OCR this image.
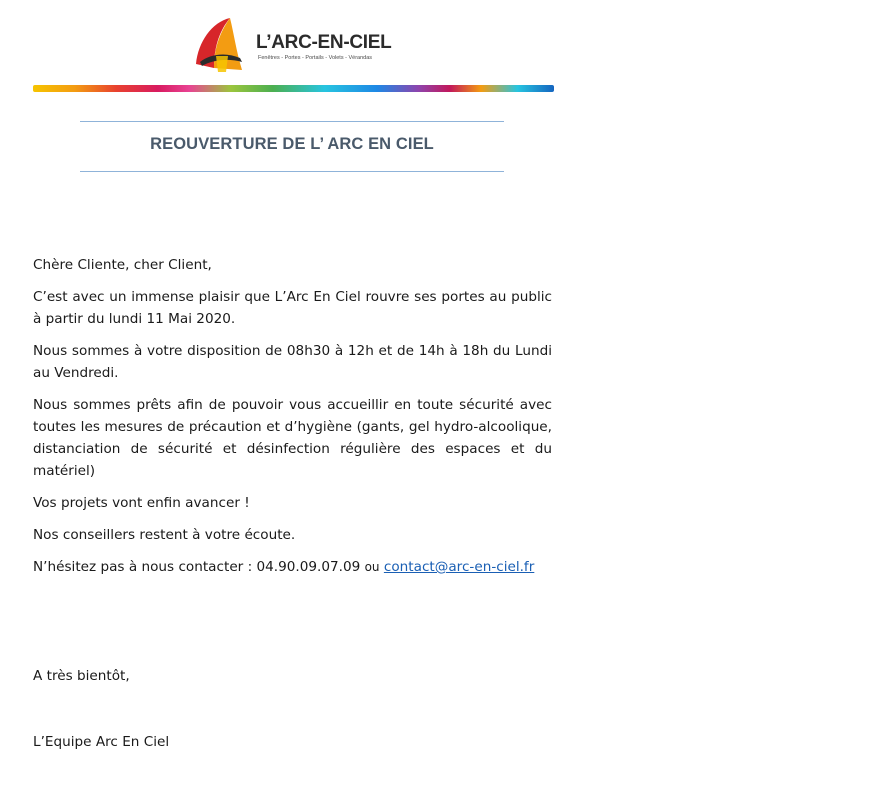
L’ARC-EN-CIEL
Fenêtres - Portes - Portails - Volets - Vérandas
REOUVERTURE DE L’ ARC EN CIEL

Chère Cliente, cher Client,

C’est avec un immense plaisir que L’Arc En Ciel rouvre ses portes au public à partir du lundi 11 Mai 2020.

Nous sommes à votre disposition de 08h30 à 12h et de 14h à 18h du Lundi au Vendredi.

Nous sommes prêts afin de pouvoir vous accueillir en toute sécurité avec toutes les mesures de précaution et d’hygiène (gants, gel hydro-alcoolique, distanciation de sécurité et désinfection régulière des espaces et du matériel)

Vos projets vont enfin avancer !

Nos conseillers restent à votre écoute.

N’hésitez pas à nous contacter : 04.90.09.07.09 ou contact@arc-en-ciel.fr

A très bientôt,
L’Equipe Arc En Ciel
